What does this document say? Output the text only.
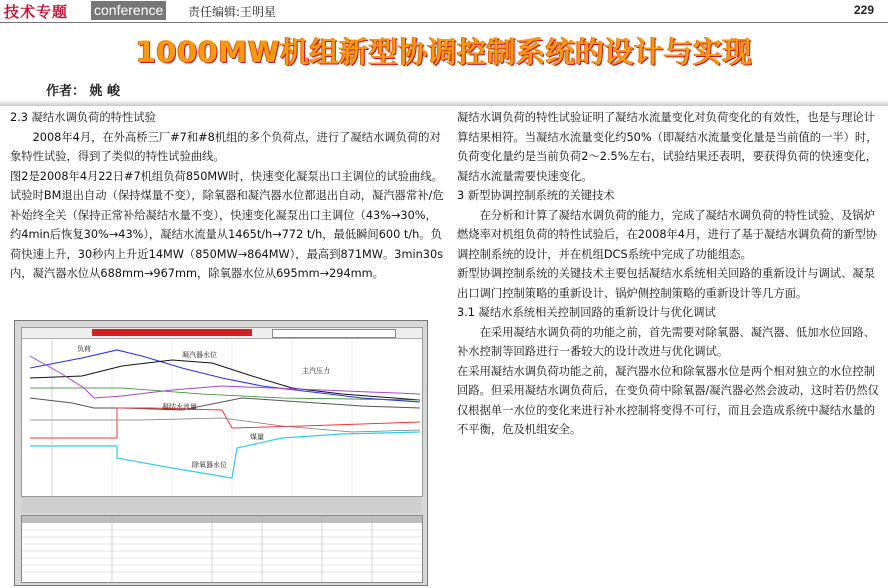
技术专题 conference 责任编辑:王明星	229
1000MW机组新型协调控制系统的设计与实现
作者： 姚 峻

2.3 凝结水调负荷的特性试验

2008年4月，在外高桥三厂#7和#8机组的多个负荷点，进行了凝结水调负荷的对象特性试验，得到了类似的特性试验曲线。

图2是2008年4月22日#7机组负荷850MW时，快速变化凝泵出口主调位的试验曲线。试验时BM退出自动（保持煤量不变），除氧器和凝汽器水位都退出自动，凝汽器常补/危补始终全关（保持正常补给凝结水量不变），快速变化凝泵出口主调位（43%→30%，约4min后恢复30%→43%），凝结水流量从1465t/h→772 t/h，最低瞬间600 t/h。负荷快速上升，30秒内上升近14MW（850MW→864MW），最高到871MW。3min30s内，凝汽器水位从688mm→967mm，除氧器水位从695mm→294mm。

负荷
凝汽器水位
主汽压力
凝结水流量
煤量
除氧器水位

凝结水调负荷的特性试验证明了凝结水流量变化对负荷变化的有效性，也是与理论计算结果相符。当凝结水流量变化约50%（即凝结水流量变化量是当前值的一半）时，负荷变化量约是当前负荷2～2.5%左右，试验结果还表明，要获得负荷的快速变化，凝结水流量需要快速变化。

3 新型协调控制系统的关键技术

在分析和计算了凝结水调负荷的能力，完成了凝结水调负荷的特性试验、及锅炉燃烧率对机组负荷的特性试验后，在2008年4月，进行了基于凝结水调负荷的新型协调控制系统的设计，并在机组DCS系统中完成了功能组态。

新型协调控制系统的关键技术主要包括凝结水系统相关回路的重新设计与调试、凝泵出口调门控制策略的重新设计、锅炉侧控制策略的重新设计等几方面。

3.1 凝结水系统相关控制回路的重新设计与优化调试

在采用凝结水调负荷的功能之前，首先需要对除氧器、凝汽器、低加水位回路、补水控制等回路进行一番较大的设计改进与优化调试。

在采用凝结水调负荷功能之前，凝汽器水位和除氧器水位是两个相对独立的水位控制回路。但采用凝结水调负荷后，在变负荷中除氧器/凝汽器必然会波动，这时若仍然仅仅根据单一水位的变化来进行补水控制将变得不可行，而且会造成系统中凝结水量的不平衡，危及机组安全。
